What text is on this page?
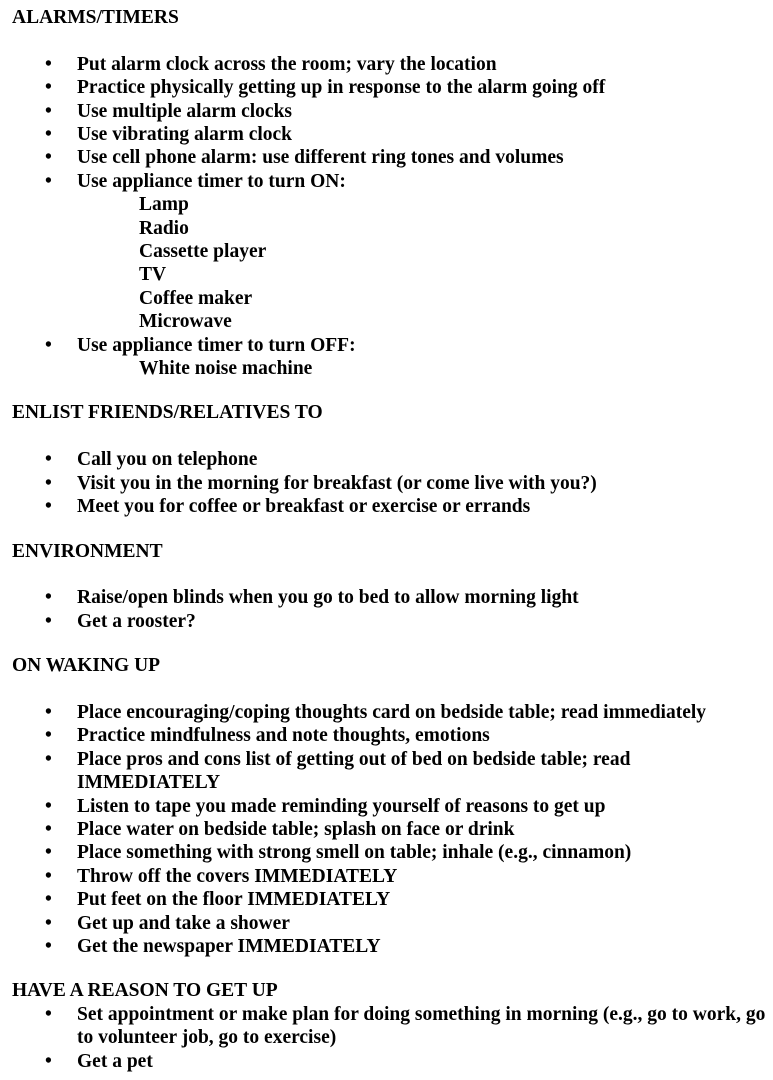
ALARMS/TIMERS
• Put alarm clock across the room; vary the location
• Practice physically getting up in response to the alarm going off
• Use multiple alarm clocks
• Use vibrating alarm clock
• Use cell phone alarm: use different ring tones and volumes
• Use appliance timer to turn ON:
Lamp
Radio
Cassette player
TV
Coffee maker
Microwave
• Use appliance timer to turn OFF:
White noise machine
ENLIST FRIENDS/RELATIVES TO
• Call you on telephone
• Visit you in the morning for breakfast (or come live with you?)
• Meet you for coffee or breakfast or exercise or errands
ENVIRONMENT
• Raise/open blinds when you go to bed to allow morning light
• Get a rooster?
ON WAKING UP
• Place encouraging/coping thoughts card on bedside table; read immediately
• Practice mindfulness and note thoughts, emotions
• Place pros and cons list of getting out of bed on bedside table; read IMMEDIATELY
• Listen to tape you made reminding yourself of reasons to get up
• Place water on bedside table; splash on face or drink
• Place something with strong smell on table; inhale (e.g., cinnamon)
• Throw off the covers IMMEDIATELY
• Put feet on the floor IMMEDIATELY
• Get up and take a shower
• Get the newspaper IMMEDIATELY
HAVE A REASON TO GET UP
• Set appointment or make plan for doing something in morning (e.g., go to work, go to volunteer job, go to exercise)
• Get a pet
